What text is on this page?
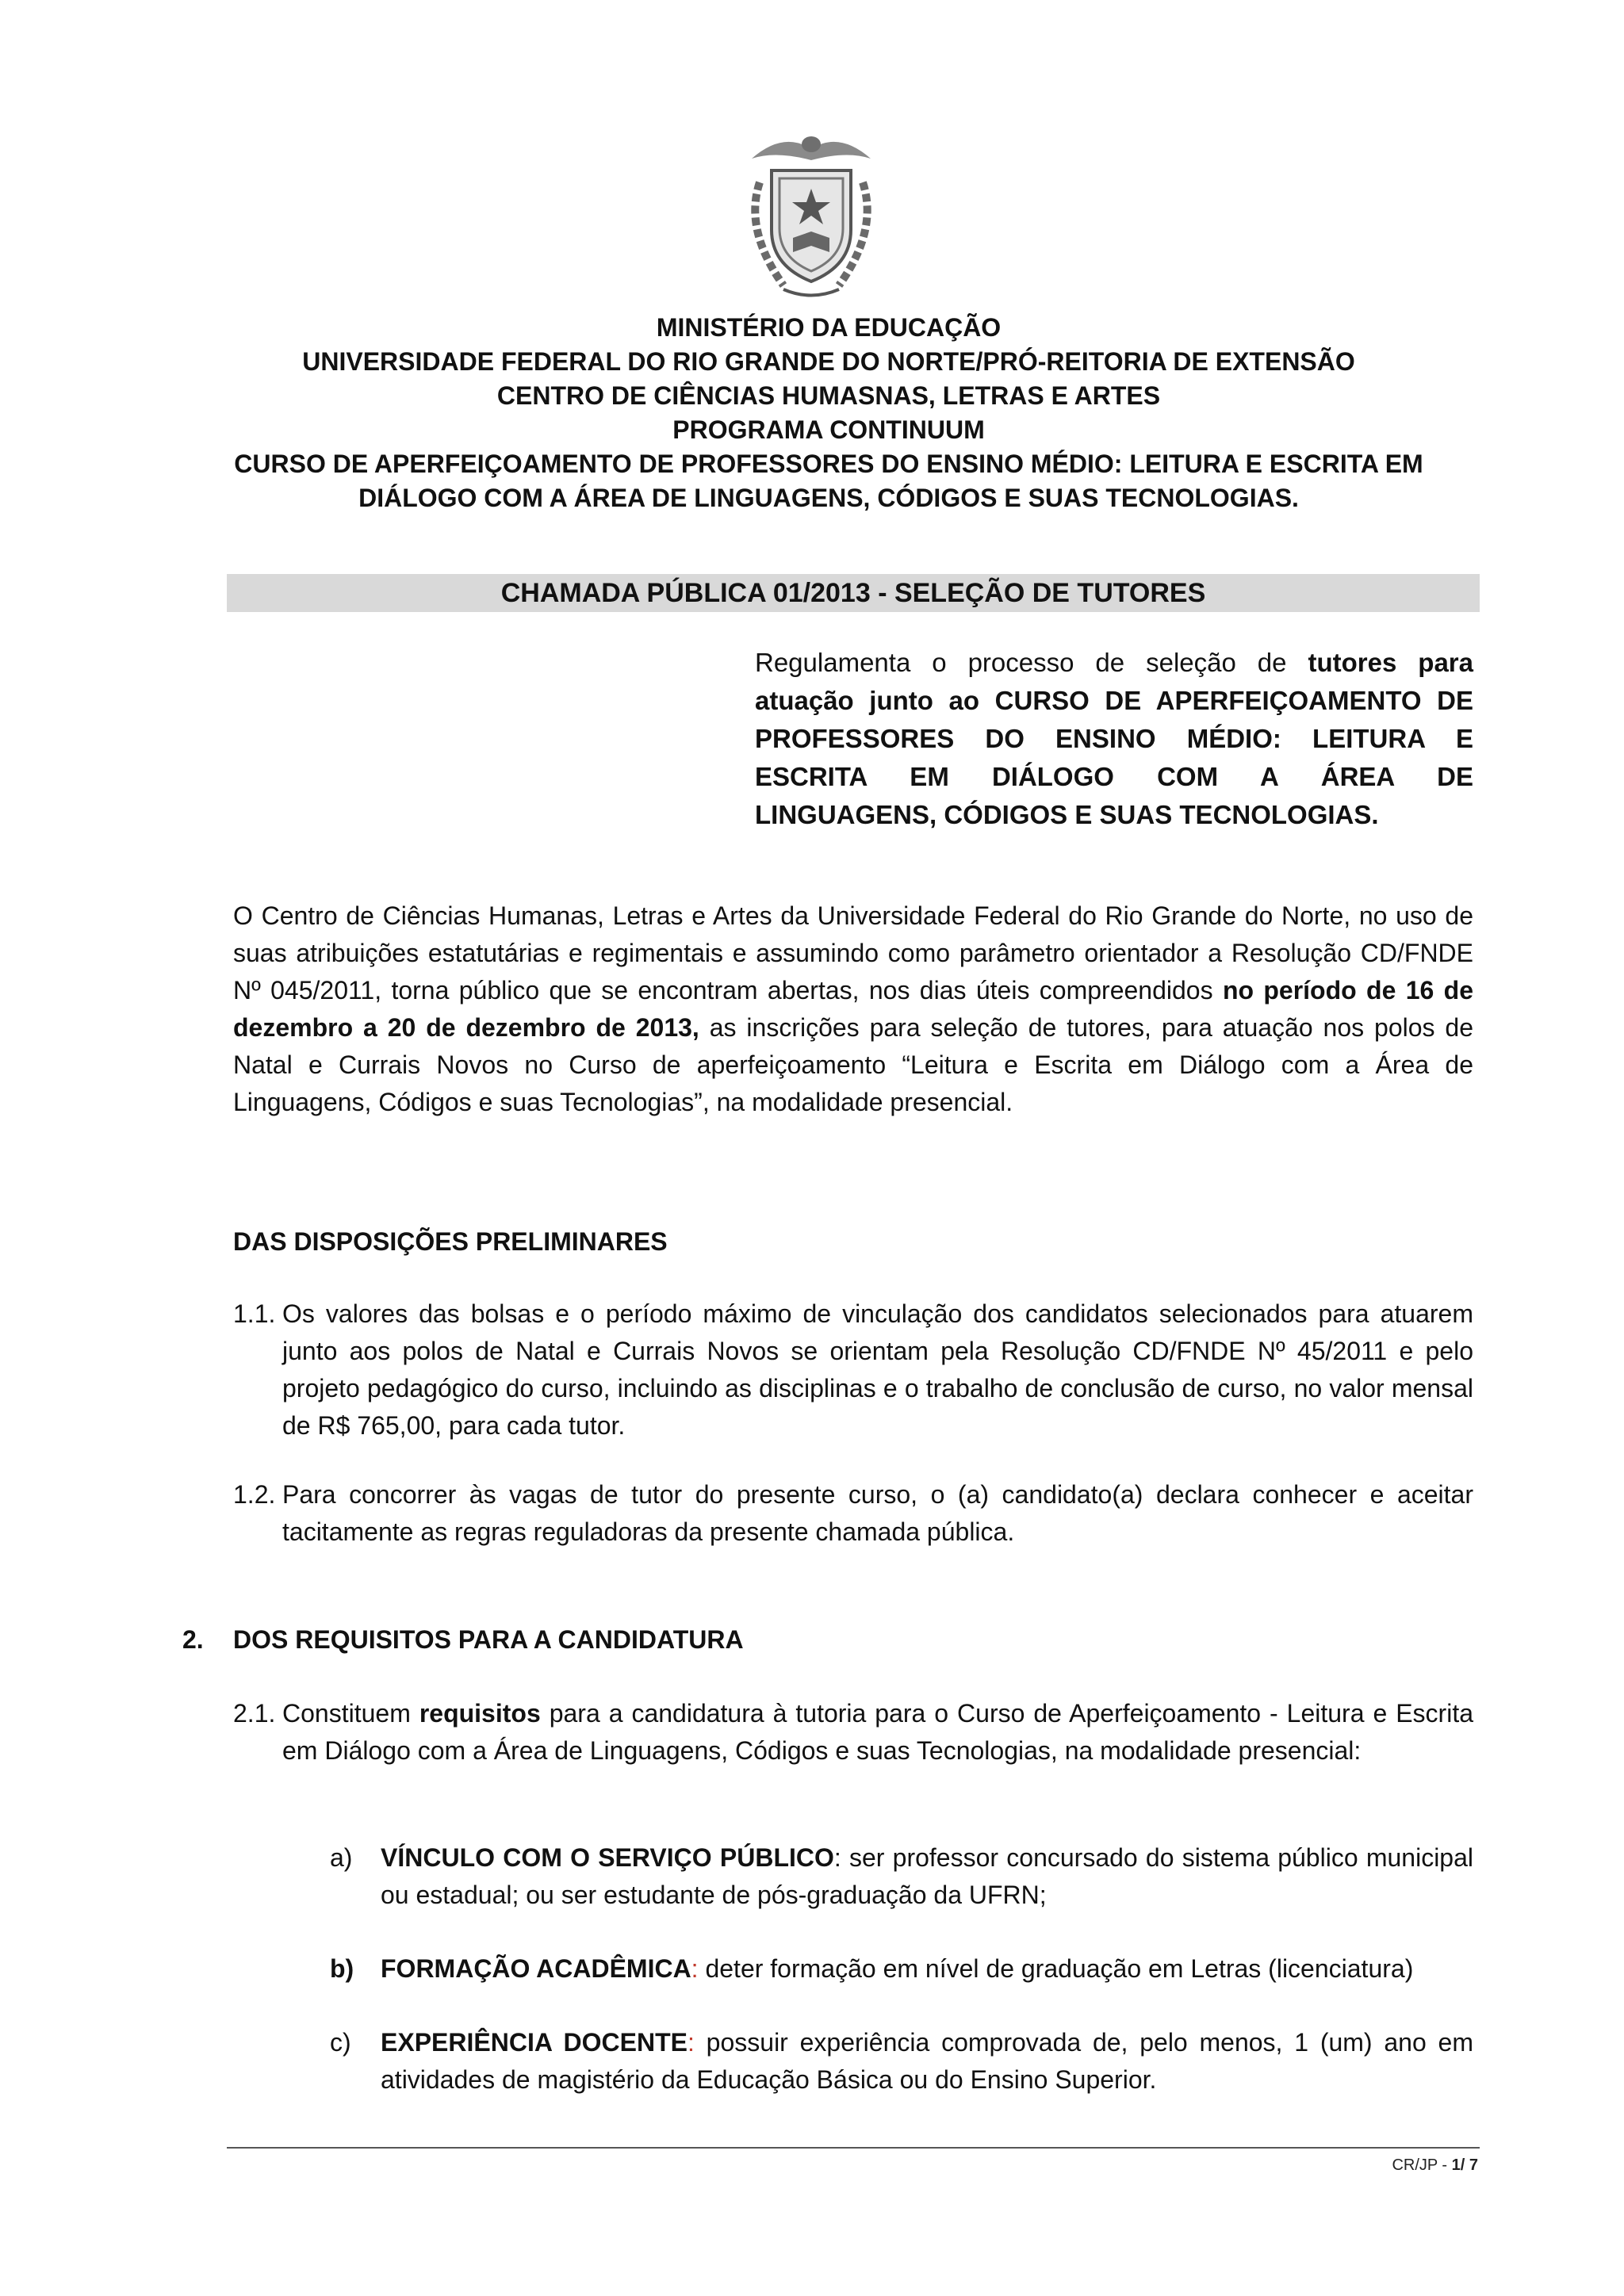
MINISTÉRIO DA EDUCAÇÃO
UNIVERSIDADE FEDERAL DO RIO GRANDE DO NORTE/PRÓ-REITORIA DE EXTENSÃO
CENTRO DE CIÊNCIAS HUMASNAS, LETRAS E ARTES
PROGRAMA CONTINUUM
CURSO DE APERFEIÇOAMENTO DE PROFESSORES DO ENSINO MÉDIO: LEITURA E ESCRITA EM
DIÁLOGO COM A ÁREA DE LINGUAGENS, CÓDIGOS E SUAS TECNOLOGIAS.
CHAMADA PÚBLICA 01/2013 - SELEÇÃO DE TUTORES
Regulamenta o processo de seleção de tutores para atuação junto ao CURSO DE APERFEIÇOAMENTO DE PROFESSORES DO ENSINO MÉDIO: LEITURA E ESCRITA EM DIÁLOGO COM A ÁREA DE
LINGUAGENS, CÓDIGOS E SUAS TECNOLOGIAS.
O Centro de Ciências Humanas, Letras e Artes da Universidade Federal do Rio Grande do Norte, no uso de suas atribuições estatutárias e regimentais e assumindo como parâmetro orientador a Resolução CD/FNDE Nº 045/2011, torna público que se encontram abertas, nos dias úteis compreendidos no período de 16 de dezembro a 20 de dezembro de 2013, as inscrições para seleção de tutores, para atuação nos polos de Natal e Currais Novos no Curso de aperfeiçoamento “Leitura e Escrita em Diálogo com a Área de Linguagens, Códigos e suas Tecnologias”, na modalidade presencial.
DAS DISPOSIÇÕES PRELIMINARES
1.1. Os valores das bolsas e o período máximo de vinculação dos candidatos selecionados para atuarem junto aos polos de Natal e Currais Novos se orientam pela Resolução CD/FNDE Nº 45/2011 e pelo projeto pedagógico do curso, incluindo as disciplinas e o trabalho de conclusão de curso, no valor mensal de R$ 765,00, para cada tutor.
1.2. Para concorrer às vagas de tutor do presente curso, o (a) candidato(a) declara conhecer e aceitar tacitamente as regras reguladoras da presente chamada pública.
2. DOS REQUISITOS PARA A CANDIDATURA
2.1. Constituem requisitos para a candidatura à tutoria para o Curso de Aperfeiçoamento - Leitura e Escrita em Diálogo com a Área de Linguagens, Códigos e suas Tecnologias, na modalidade presencial:
a) VÍNCULO COM O SERVIÇO PÚBLICO: ser professor concursado do sistema público municipal ou estadual; ou ser estudante de pós-graduação da UFRN;
b) FORMAÇÃO ACADÊMICA: deter formação em nível de graduação em Letras (licenciatura)
c) EXPERIÊNCIA DOCENTE: possuir experiência comprovada de, pelo menos, 1 (um) ano em atividades de magistério da Educação Básica ou do Ensino Superior.
CR/JP - 1/ 7
